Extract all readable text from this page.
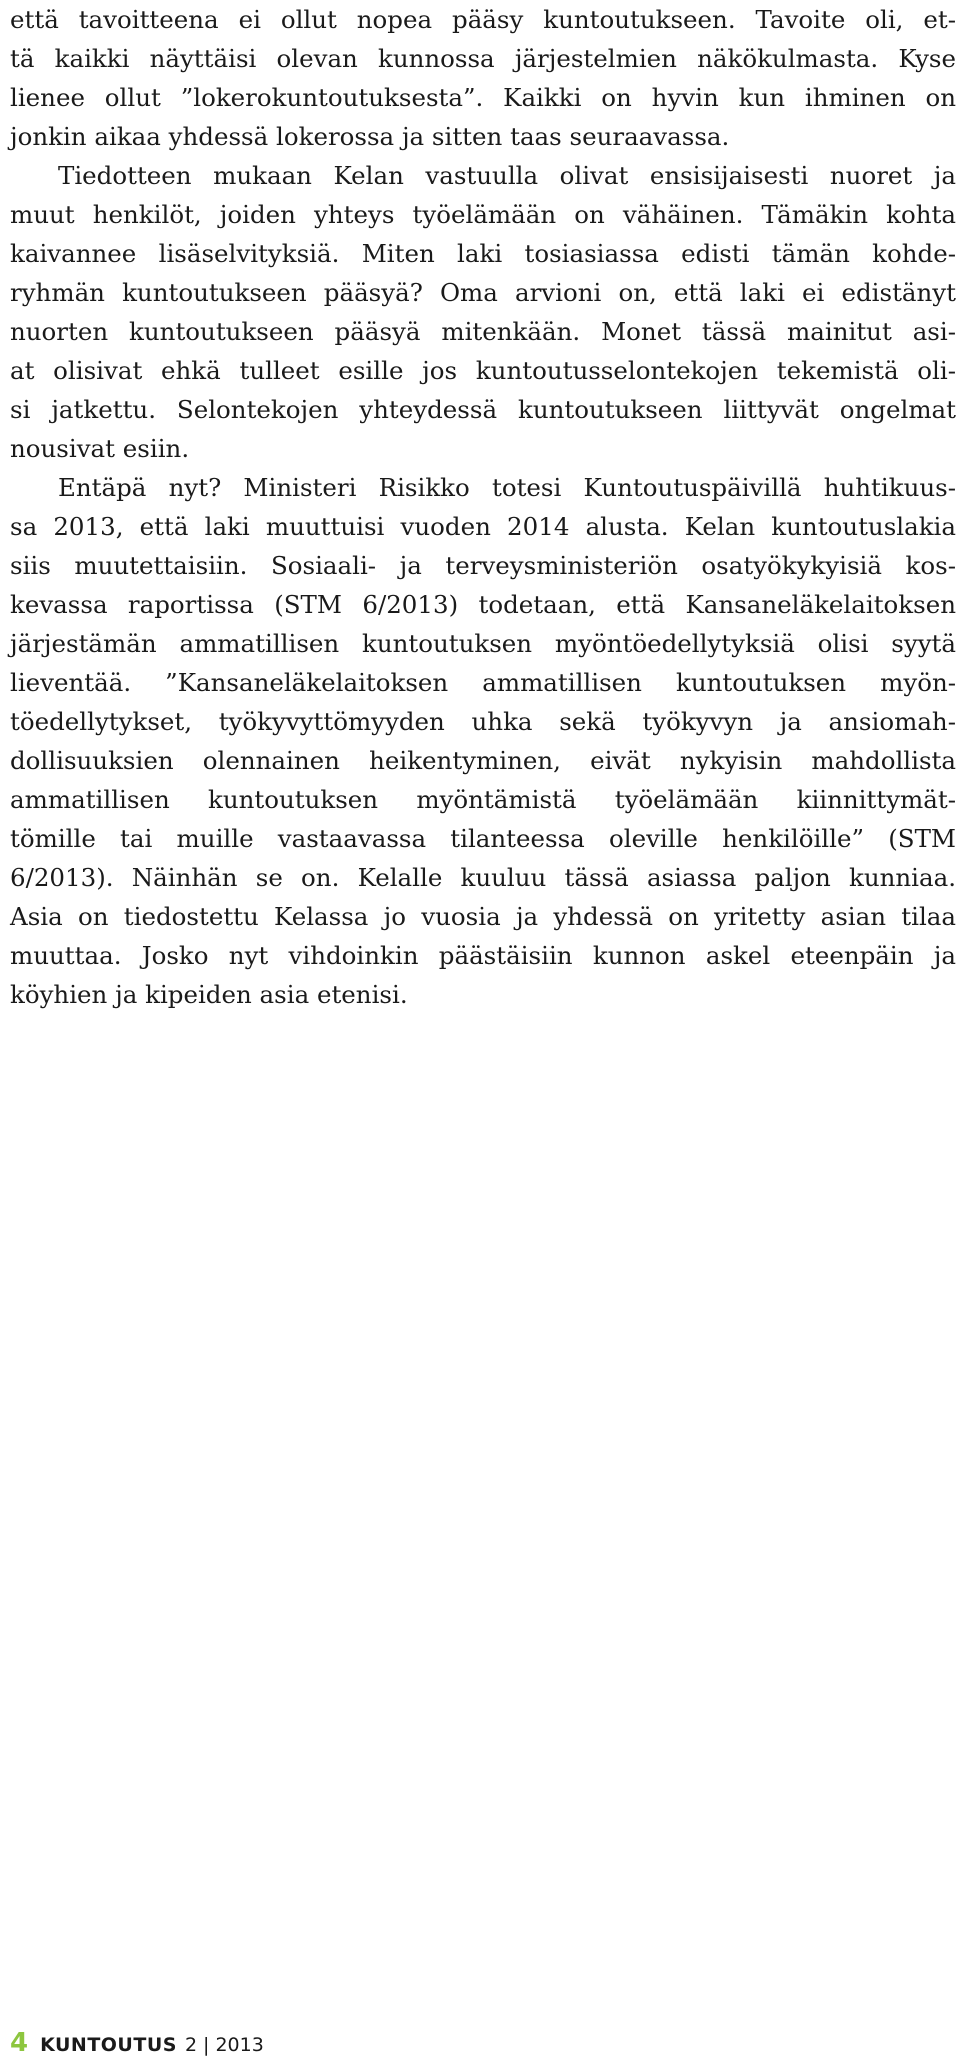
että tavoitteena ei ollut nopea pääsy kuntoutukseen. Tavoite oli, et-
tä kaikki näyttäisi olevan kunnossa järjestelmien näkökulmasta. Kyse
lienee ollut ”lokerokuntoutuksesta”. Kaikki on hyvin kun ihminen on
jonkin aikaa yhdessä lokerossa ja sitten taas seuraavassa.
Tiedotteen mukaan Kelan vastuulla olivat ensisijaisesti nuoret ja
muut henkilöt, joiden yhteys työelämään on vähäinen. Tämäkin kohta
kaivannee lisäselvityksiä. Miten laki tosiasiassa edisti tämän kohde-
ryhmän kuntoutukseen pääsyä? Oma arvioni on, että laki ei edistänyt
nuorten kuntoutukseen pääsyä mitenkään. Monet tässä mainitut asi-
at olisivat ehkä tulleet esille jos kuntoutusselontekojen tekemistä oli-
si jatkettu. Selontekojen yhteydessä kuntoutukseen liittyvät ongelmat
nousivat esiin.
Entäpä nyt? Ministeri Risikko totesi Kuntoutuspäivillä huhtikuus-
sa 2013, että laki muuttuisi vuoden 2014 alusta. Kelan kuntoutuslakia
siis muutettaisiin. Sosiaali- ja terveysministeriön osatyökykyisiä kos-
kevassa raportissa (STM 6/2013) todetaan, että Kansaneläkelaitoksen
järjestämän ammatillisen kuntoutuksen myöntöedellytyksiä olisi syytä
lieventää. ”Kansaneläkelaitoksen ammatillisen kuntoutuksen myön-
töedellytykset, työkyvyttömyyden uhka sekä työkyvyn ja ansiomah-
dollisuuksien olennainen heikentyminen, eivät nykyisin mahdollista
ammatillisen kuntoutuksen myöntämistä työelämään kiinnittymät-
tömille tai muille vastaavassa tilanteessa oleville henkilöille” (STM
6/2013). Näinhän se on. Kelalle kuuluu tässä asiassa paljon kunniaa.
Asia on tiedostettu Kelassa jo vuosia ja yhdessä on yritetty asian tilaa
muuttaa. Josko nyt vihdoinkin päästäisiin kunnon askel eteenpäin ja
köyhien ja kipeiden asia etenisi.
4 KUNTOUTUS 2 | 2013
